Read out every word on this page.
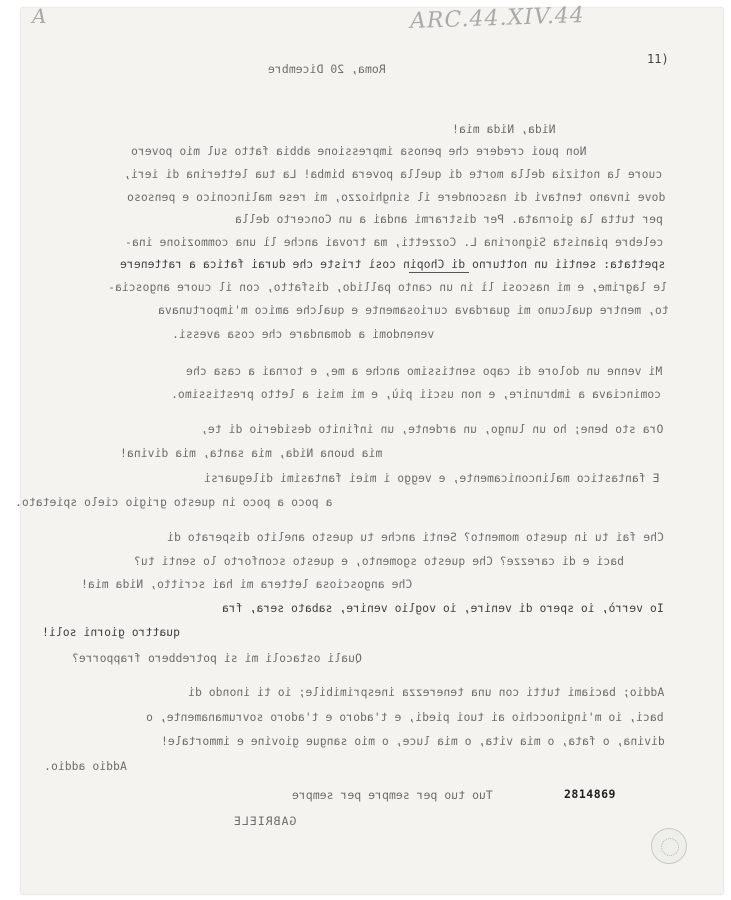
A	ARC.44.XIV.44
11)
Roma, 20 Dicembre

Nida, Nida mia!

Non puoi credere che penosa impressione abbia fatto sul mio povero

cuore la notizia della morte di quella povera bimba! La tua letterina di ieri,

dove invano tentavi di nascondere il singhiozzo, mi rese malinconico e pensoso

per tutta la giornata. Per distrarmi andai a un Concerto della

celebre pianista Signorina L. Cozzetti, ma trovai anche lì una commozione ina-

spettata: sentii un notturno di Chopin così triste che durai fatica a rattenere

le lagrime, e mi nascosi lì in un canto pallido, disfatto, con il cuore angoscia-

to, mentre qualcuno mi guardava curiosamente e qualche amico m'importunava

venendomi a domandare che cosa avessi.

Mi venne un dolore di capo sentissimo anche a me, e tornai a casa che

cominciava a imbrunire, e non uscii più, e mi misi a letto prestissimo.

Ora sto bene; ho un lungo, un ardente, un infinito desiderio di te,

mia buona Nida, mia santa, mia divina!

E fantastico malinconicamente, e veggo i miei fantasimi dileguarsi

a poco a poco in questo grigio cielo spietato.

Che fai tu in questo momento? Senti anche tu questo anelito disperato di

baci e di carezze? Che questo sgomento, e questo sconforto lo senti tu?

Che angosciosa lettera mi hai scritto, Nida mia!

Io verrò, io spero di venire, io voglio venire, sabato sera, fra

quattro giorni soli!

Quali ostacoli mi si potrebbero frapporre?

Addio; baciami tutti con una tenerezza inesprimibile; io ti inondo di

baci, io m'inginocchio ai tuoi piedi, e t'adoro e t'adoro sovrumanamente, o

divina, o fata, o mia vita, o mia luce, o mio sangue giovine e immortale!

Addio addio.

Tuo tuo per sempre per sempre	2814869
GABRIELE
